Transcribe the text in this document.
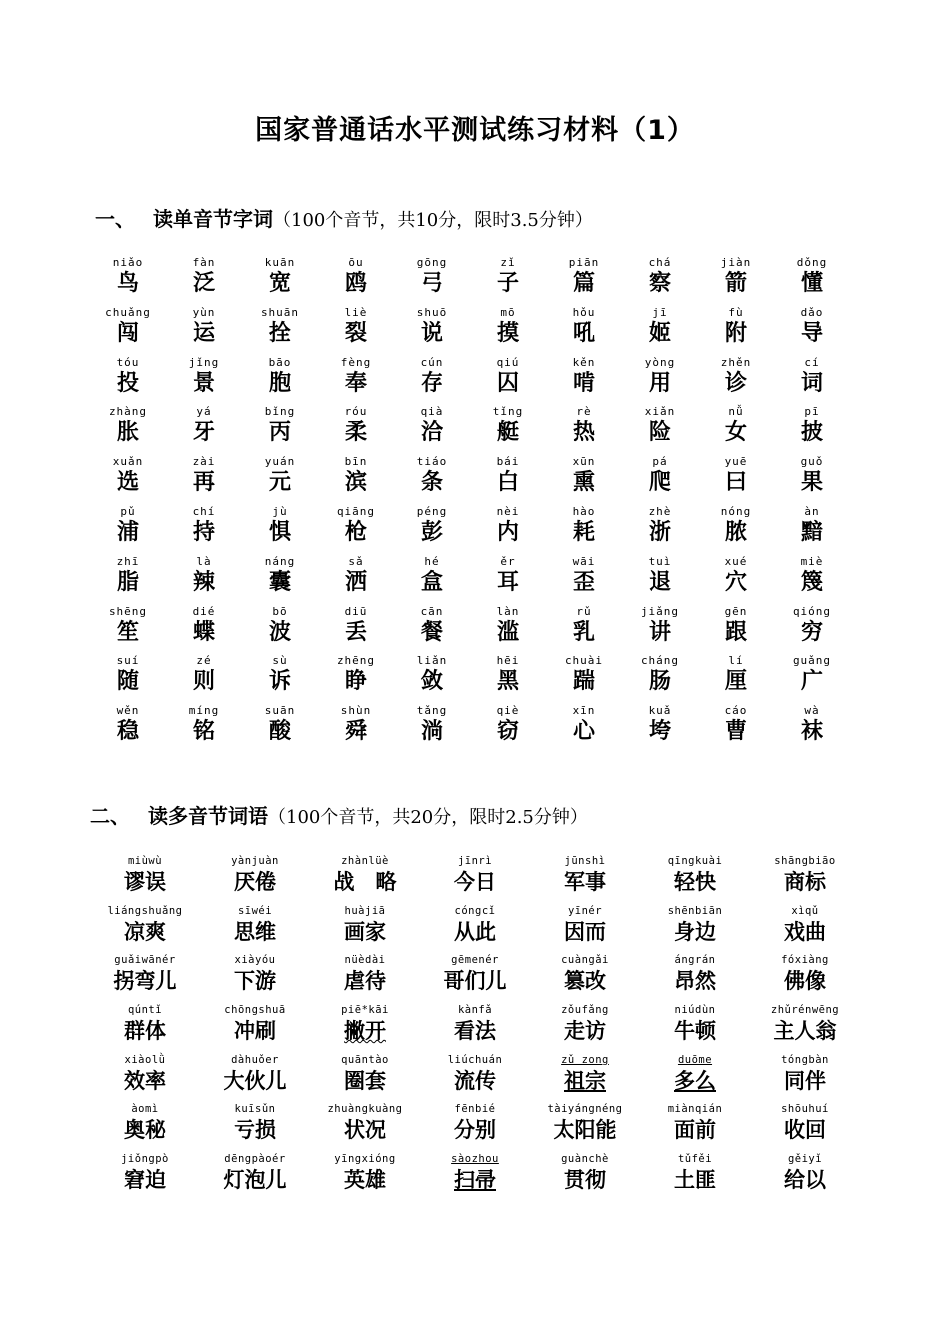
国家普通话水平测试练习材料（1）
一、 读单音节字词（100个音节，共10分，限时3.5分钟）
niǎo
鸟
fàn
泛
kuān
宽
ōu
鸥
gōng
弓
zǐ
子
piān
篇
chá
察
jiàn
箭
dǒng
懂
chuǎng
闯
yùn
运
shuān
拴
liè
裂
shuō
说
mō
摸
hǒu
吼
jī
姬
fù
附
dǎo
导
tóu
投
jǐng
景
bāo
胞
fèng
奉
cún
存
qiú
囚
kěn
啃
yòng
用
zhěn
诊
cí
词
zhàng
胀
yá
牙
bǐng
丙
róu
柔
qià
洽
tǐng
艇
rè
热
xiǎn
险
nǚ
女
pī
披
xuǎn
选
zài
再
yuán
元
bīn
滨
tiáo
条
bái
白
xūn
熏
pá
爬
yuē
曰
guǒ
果
pǔ
浦
chí
持
jù
惧
qiāng
枪
péng
彭
nèi
内
hào
耗
zhè
浙
nóng
脓
àn
黯
zhī
脂
là
辣
náng
囊
sǎ
洒
hé
盒
ěr
耳
wāi
歪
tuì
退
xué
穴
miè
篾
shēng
笙
dié
蝶
bō
波
diū
丢
cān
餐
làn
滥
rǔ
乳
jiǎng
讲
gēn
跟
qióng
穷
suí
随
zé
则
sù
诉
zhēng
睁
liǎn
敛
hēi
黑
chuài
踹
cháng
肠
lí
厘
guǎng
广
wěn
稳
míng
铭
suān
酸
shùn
舜
tǎng
淌
qiè
窃
xīn
心
kuǎ
垮
cáo
曹
wà
袜
二、 读多音节词语（100个音节，共20分，限时2.5分钟）
miùwù
谬误
yànjuàn
厌倦
zhànlüè
战　略
jīnrì
今日
jūnshì
军事
qīngkuài
轻快
shāngbiāo
商标
liángshuǎng
凉爽
sīwéi
思维
huàjiā
画家
cóngcǐ
从此
yīnér
因而
shēnbiān
身边
xìqǔ
戏曲
guǎiwānér
拐弯儿
xiàyóu
下游
nüèdài
虐待
gēmenér
哥们儿
cuàngǎi
篡改
ángrán
昂然
fóxiàng
佛像
qúntǐ
群体
chōngshuā
冲刷
piē*kāi
撇开
kànfǎ
看法
zǒufǎng
走访
niúdùn
牛顿
zhǔrénwēng
主人翁
xiàolǜ
效率
dàhuǒer
大伙儿
quāntào
圈套
liúchuán
流传
zǔ zong
祖宗
duōme
多么
tóngbàn
同伴
àomì
奥秘
kuīsǔn
亏损
zhuàngkuàng
状况
fēnbié
分别
tàiyángnéng
太阳能
miànqián
面前
shōuhuí
收回
jiǒngpò
窘迫
dēngpàoér
灯泡儿
yīngxióng
英雄
sàozhou
扫帚
guànchè
贯彻
tǔfěi
土匪
gěiyǐ
给以
